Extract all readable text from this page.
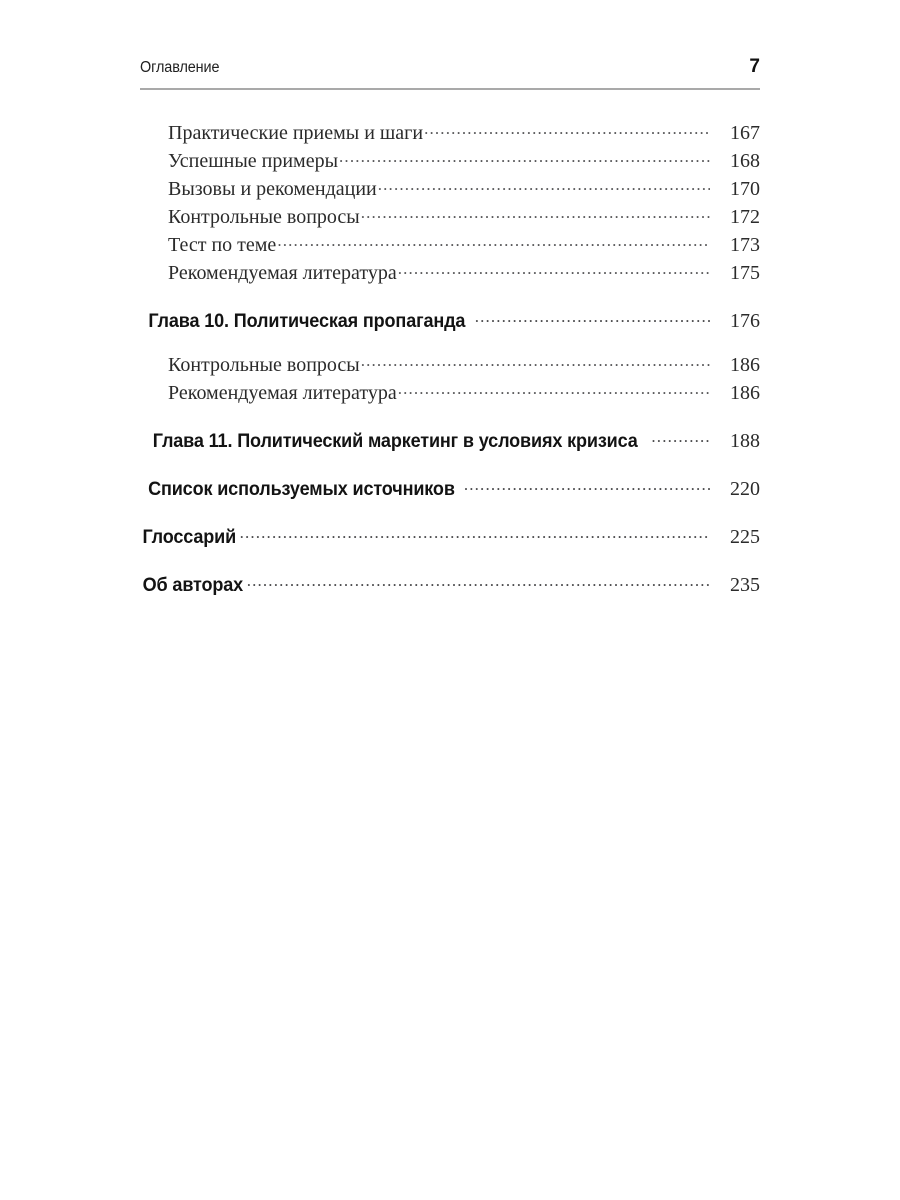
Оглавление	7
Практические приемы и шаги .....	167
Успешные примеры .....	168
Вызовы и рекомендации .....	170
Контрольные вопросы .....	172
Тест по теме .....	173
Рекомендуемая литература .....	175
Глава 10. Политическая пропаганда .....	176
Контрольные вопросы .....	186
Рекомендуемая литература .....	186
Глава 11. Политический маркетинг в условиях кризиса .....	188
Список используемых источников .....	220
Глоссарий .....	225
Об авторах .....	235
